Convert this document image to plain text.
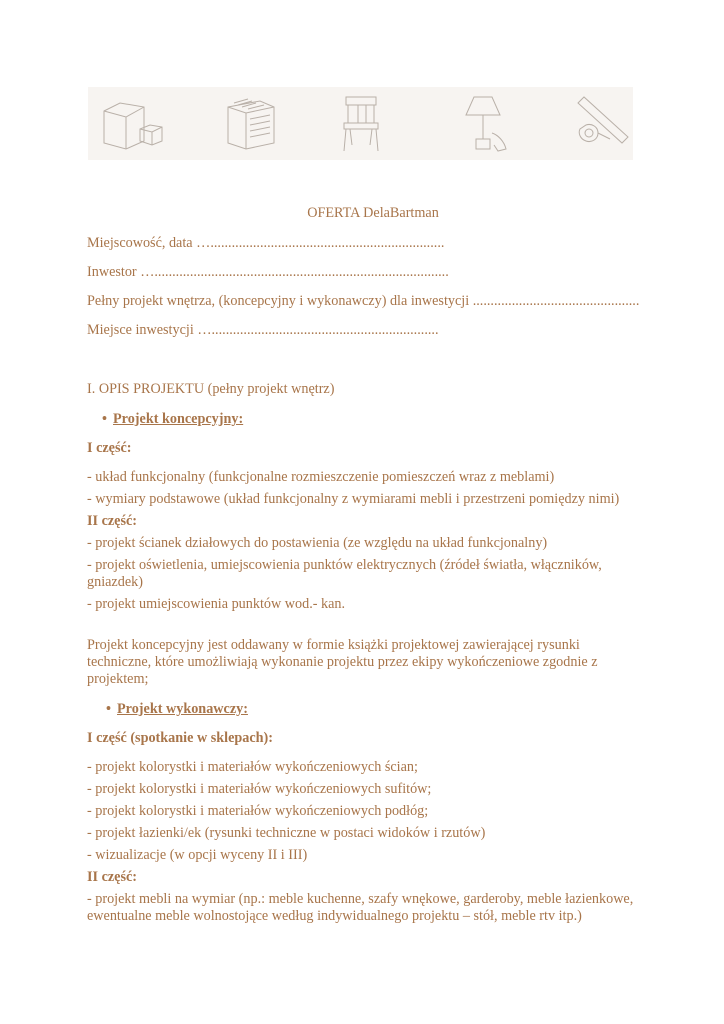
OFERTA DelaBartman
Miejscowość, data …..................................................................
Inwestor …...................................................................................
Pełny projekt wnętrza, (koncepcyjny i wykonawczy) dla inwestycji ...............................................
Miejsce inwestycji …................................................................
I. OPIS PROJEKTU (pełny projekt wnętrz)
• Projekt koncepcyjny:
I część:
- układ funkcjonalny (funkcjonalne rozmieszczenie pomieszczeń wraz z meblami)
- wymiary podstawowe (układ funkcjonalny z wymiarami mebli i przestrzeni pomiędzy nimi)
II część:
- projekt ścianek działowych do postawienia (ze względu na układ funkcjonalny)
- projekt oświetlenia, umiejscowienia punktów elektrycznych (źródeł światła, włączników, gniazdek)
- projekt umiejscowienia punktów wod.- kan.
Projekt koncepcyjny jest oddawany w formie książki projektowej zawierającej rysunki techniczne, które umożliwiają wykonanie projektu przez ekipy wykończeniowe zgodnie z projektem;
• Projekt wykonawczy:
I część (spotkanie w sklepach):
- projekt kolorystki i materiałów wykończeniowych ścian;
- projekt kolorystki i materiałów wykończeniowych sufitów;
- projekt kolorystki i materiałów wykończeniowych podłóg;
- projekt łazienki/ek (rysunki techniczne w postaci widoków i rzutów)
- wizualizacje (w opcji wyceny II i III)
II część:
- projekt mebli na wymiar (np.: meble kuchenne, szafy wnękowe, garderoby, meble łazienkowe, ewentualne meble wolnostojące według indywidualnego projektu – stół, meble rtv itp.)
